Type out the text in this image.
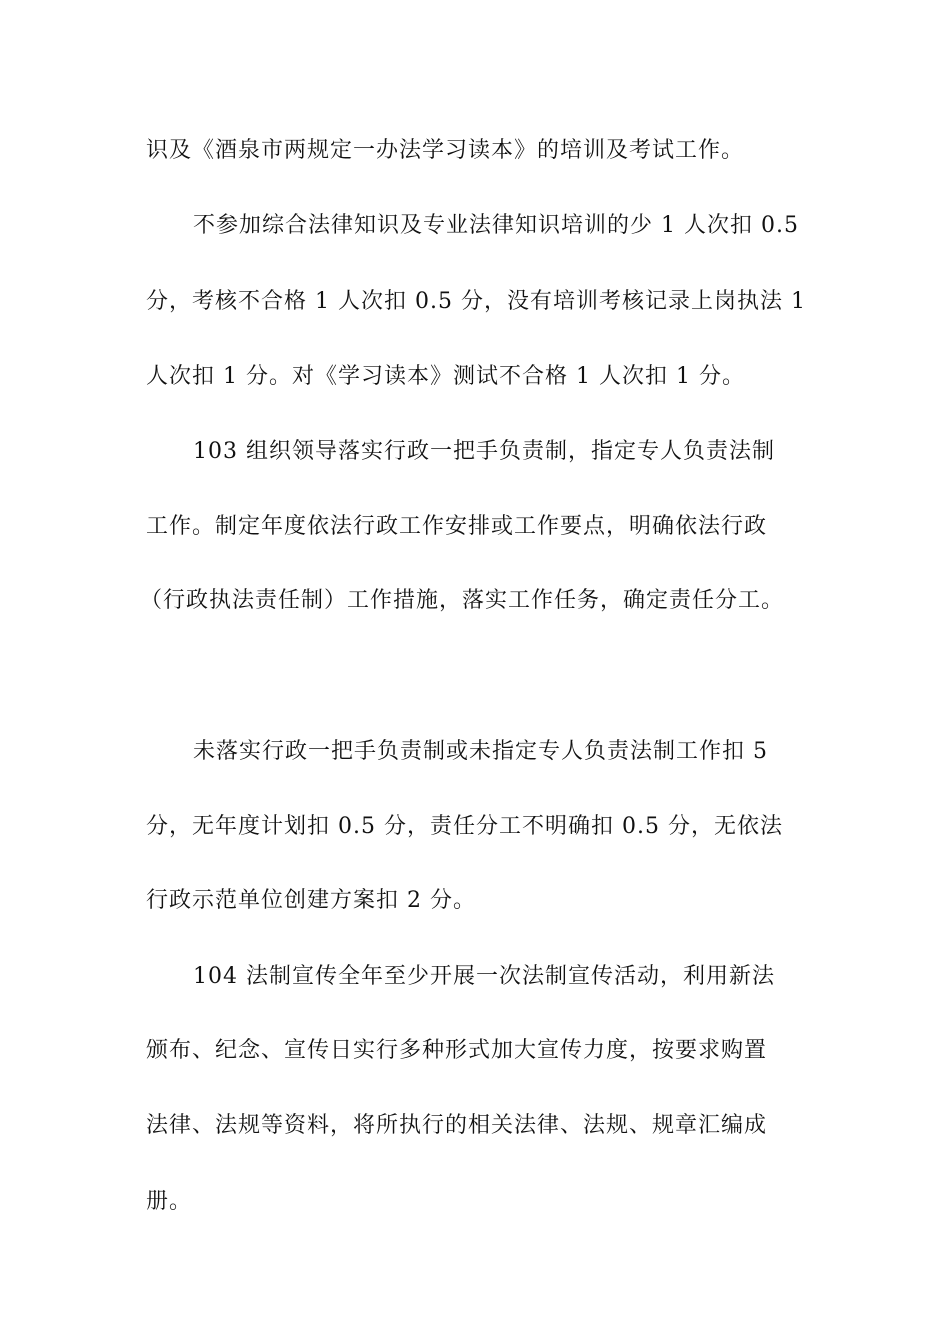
识及《酒泉市两规定一办法学习读本》的培训及考试工作。
不参加综合法律知识及专业法律知识培训的少 1 人次扣 0.5
分，考核不合格 1 人次扣 0.5 分，没有培训考核记录上岗执法 1
人次扣 1 分。对《学习读本》测试不合格 1 人次扣 1 分。
103 组织领导落实行政一把手负责制，指定专人负责法制
工作。制定年度依法行政工作安排或工作要点，明确依法行政
（行政执法责任制）工作措施，落实工作任务，确定责任分工。
未落实行政一把手负责制或未指定专人负责法制工作扣 5
分，无年度计划扣 0.5 分，责任分工不明确扣 0.5 分，无依法
行政示范单位创建方案扣 2 分。
104 法制宣传全年至少开展一次法制宣传活动，利用新法
颁布、纪念、宣传日实行多种形式加大宣传力度，按要求购置
法律、法规等资料，将所执行的相关法律、法规、规章汇编成
册。
